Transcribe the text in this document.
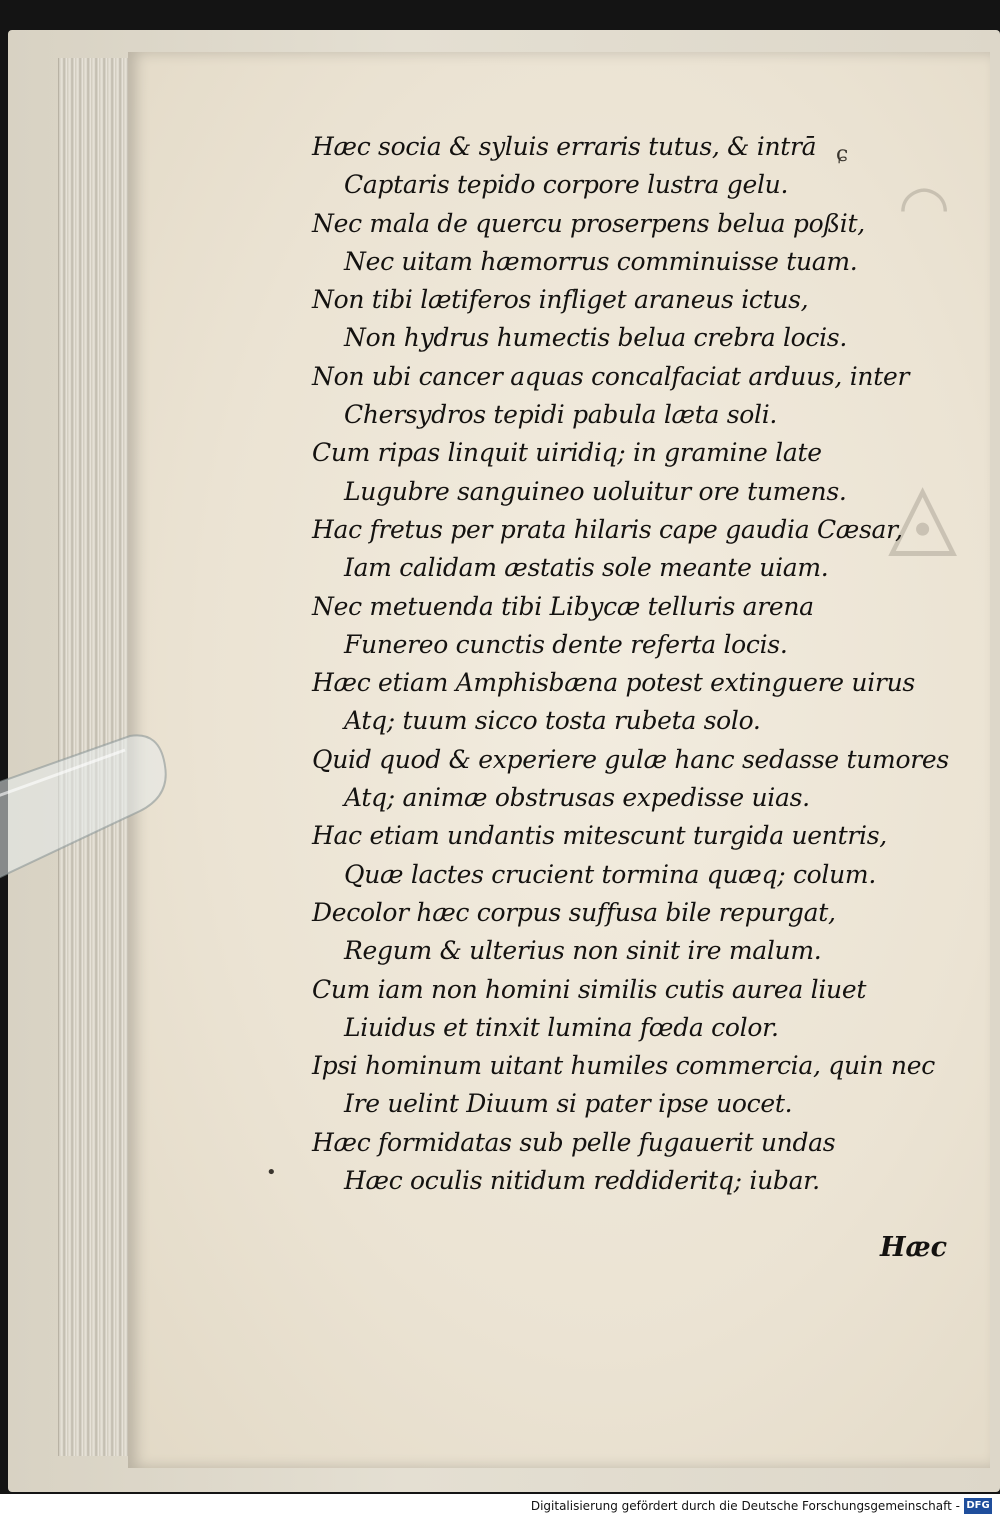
◠
◬
ɕ
•
Hæc socia & syluis erraris tutus, & intrā
Captaris tepido corpore lustra gelu.
Nec mala de quercu proserpens belua poßit,
Nec uitam hæmorrus comminuisse tuam.
Non tibi lætiferos infliget araneus ictus,
Non hydrus humectis belua crebra locis.
Non ubi cancer aquas concalfaciat arduus, inter
Chersydros tepidi pabula læta soli.
Cum ripas linquit uiridiq; in gramine late
Lugubre sanguineo uoluitur ore tumens.
Hac fretus per prata hilaris cape gaudia Cæsar,
Iam calidam æstatis sole meante uiam.
Nec metuenda tibi Libycæ telluris arena
Funereo cunctis dente referta locis.
Hæc etiam Amphisbæna potest extinguere uirus
Atq; tuum sicco tosta rubeta solo.
Quid quod & experiere gulæ hanc sedasse tumores
Atq; animæ obstrusas expedisse uias.
Hac etiam undantis mitescunt turgida uentris,
Quæ lactes crucient tormina quæq; colum.
Decolor hæc corpus suffusa bile repurgat,
Regum & ulterius non sinit ire malum.
Cum iam non homini similis cutis aurea liuet
Liuidus et tinxit lumina fœda color.
Ipsi hominum uitant humiles commercia, quin nec
Ire uelint Diuum si pater ipse uocet.
Hæc formidatas sub pelle fugauerit undas
Hæc oculis nitidum reddideritq; iubar.
Hæc
Digitalisierung gefördert durch die Deutsche Forschungsgemeinschaft - DFG
